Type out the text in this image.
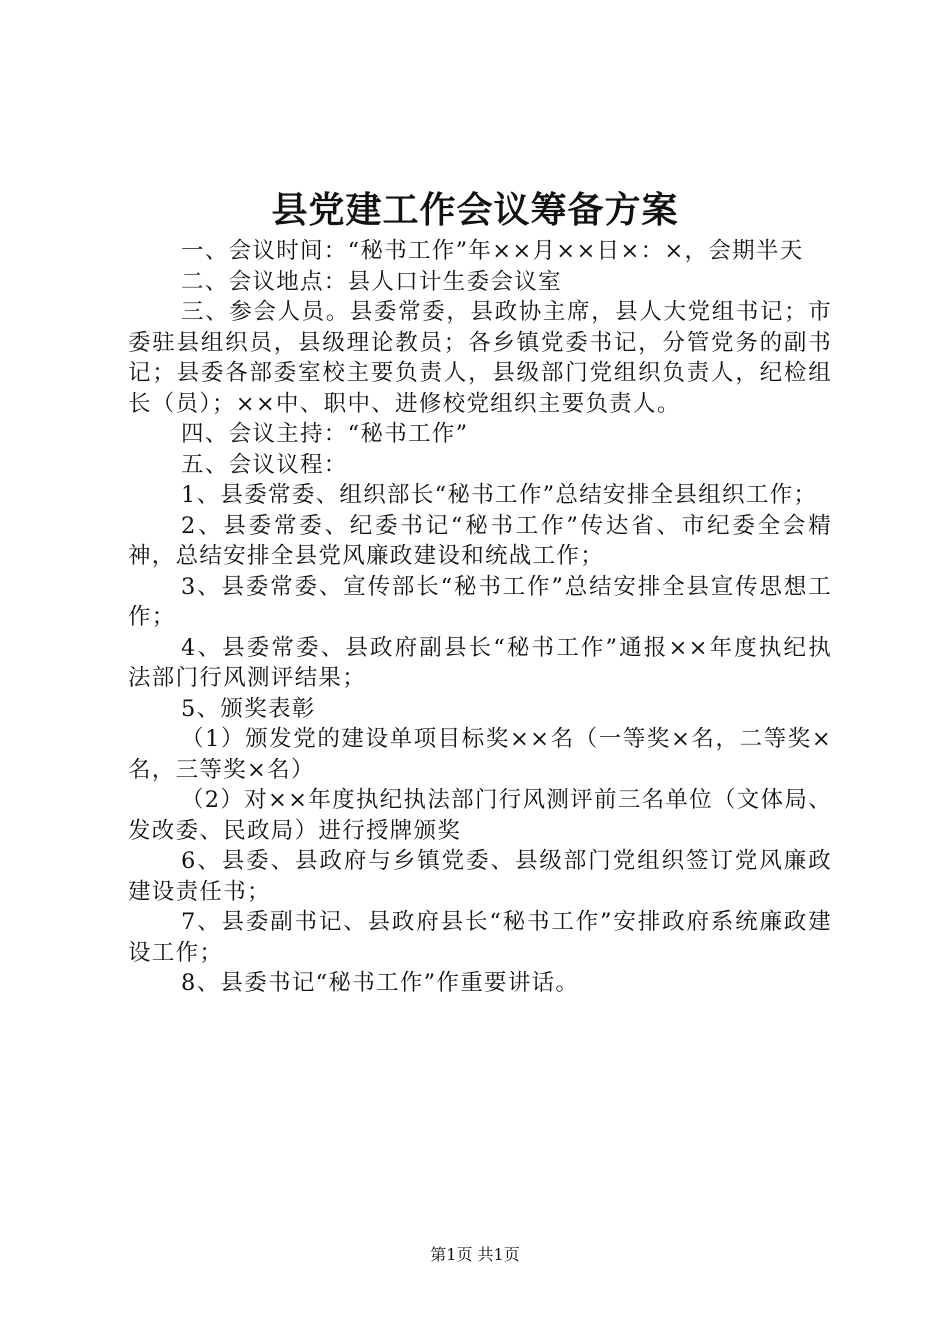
县党建工作会议筹备方案

一、会议时间：“秘书工作”年××月××日×：×，会期半天

二、会议地点：县人口计生委会议室

三、参会人员。县委常委，县政协主席，县人大党组书记；市委驻县组织员，县级理论教员；各乡镇党委书记，分管党务的副书记；县委各部委室校主要负责人，县级部门党组织负责人，纪检组长（员）；××中、职中、进修校党组织主要负责人。

四、会议主持：“秘书工作”

五、会议议程：

1、县委常委、组织部长“秘书工作”总结安排全县组织工作；

2、县委常委、纪委书记“秘书工作”传达省、市纪委全会精神，总结安排全县党风廉政建设和统战工作；

3、县委常委、宣传部长“秘书工作”总结安排全县宣传思想工作；

4、县委常委、县政府副县长“秘书工作”通报××年度执纪执法部门行风测评结果；

5、颁奖表彰

（1）颁发党的建设单项目标奖××名（一等奖×名，二等奖×名，三等奖×名）

（2）对××年度执纪执法部门行风测评前三名单位（文体局、发改委、民政局）进行授牌颁奖

6、县委、县政府与乡镇党委、县级部门党组织签订党风廉政建设责任书；

7、县委副书记、县政府县长“秘书工作”安排政府系统廉政建设工作；

8、县委书记“秘书工作”作重要讲话。

第1页 共1页
